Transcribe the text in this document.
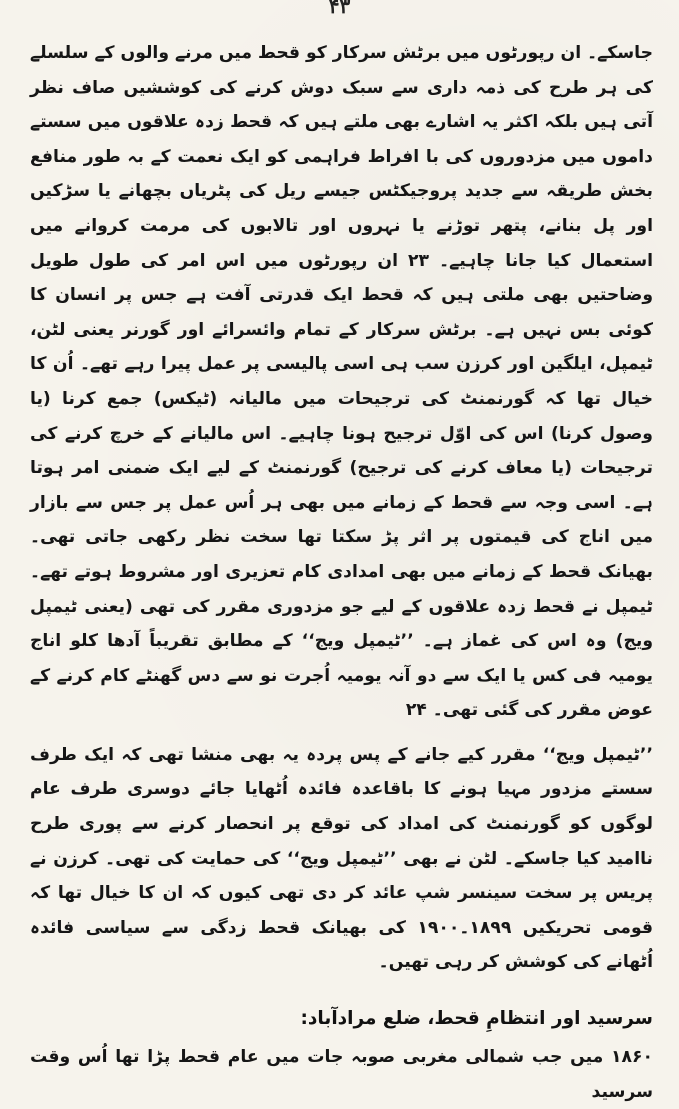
۴۳

جاسکے۔ ان رپورٹوں میں برٹش سرکار کو قحط میں مرنے والوں کے سلسلے کی ہر طرح کی ذمہ داری سے سبک دوش کرنے کی کوششیں صاف نظر آتی ہیں بلکہ اکثر یہ اشارے بھی ملتے ہیں کہ قحط زدہ علاقوں میں سستے داموں میں مزدوروں کی با افراط فراہمی کو ایک نعمت کے بہ طور منافع بخش طریقہ سے جدید پروجیکٹس جیسے ریل کی پٹریاں بچھانے یا سڑکیں اور پل بنانے، پتھر توڑنے یا نہروں اور تالابوں کی مرمت کروانے میں استعمال کیا جانا چاہیے۔ ۲۳ ان رپورٹوں میں اس امر کی طول طویل وضاحتیں بھی ملتی ہیں کہ قحط ایک قدرتی آفت ہے جس پر انسان کا کوئی بس نہیں ہے۔ برٹش سرکار کے تمام وائسرائے اور گورنر یعنی لٹن، ٹیمپل، ایلگین اور کرزن سب ہی اسی پالیسی پر عمل پیرا رہے تھے۔ اُن کا خیال تھا کہ گورنمنٹ کی ترجیحات میں مالیانہ (ٹیکس) جمع کرنا (یا وصول کرنا) اس کی اوّل ترجیح ہونا چاہیے۔ اس مالیانے کے خرچ کرنے کی ترجیحات (یا معاف کرنے کی ترجیح) گورنمنٹ کے لیے ایک ضمنی امر ہوتا ہے۔ اسی وجہ سے قحط کے زمانے میں بھی ہر اُس عمل پر جس سے بازار میں اناج کی قیمتوں پر اثر پڑ سکتا تھا سخت نظر رکھی جاتی تھی۔ بھیانک قحط کے زمانے میں بھی امدادی کام تعزیری اور مشروط ہوتے تھے۔ ٹیمپل نے قحط زدہ علاقوں کے لیے جو مزدوری مقرر کی تھی (یعنی ٹیمپل ویج) وہ اس کی غماز ہے۔ ’’ٹیمپل ویج‘‘ کے مطابق تقریباً آدھا کلو اناج یومیہ فی کس یا ایک سے دو آنہ یومیہ اُجرت نو سے دس گھنٹے کام کرنے کے عوض مقرر کی گئی تھی۔ ۲۴

’’ٹیمپل ویج‘‘ مقرر کیے جانے کے پس پردہ یہ بھی منشا تھی کہ ایک طرف سستے مزدور مہیا ہونے کا باقاعدہ فائدہ اُٹھایا جائے دوسری طرف عام لوگوں کو گورنمنٹ کی امداد کی توقع پر انحصار کرنے سے پوری طرح ناامید کیا جاسکے۔ لٹن نے بھی ’’ٹیمپل ویج‘‘ کی حمایت کی تھی۔ کرزن نے پریس پر سخت سینسر شپ عائد کر دی تھی کیوں کہ ان کا خیال تھا کہ قومی تحریکیں ۱۸۹۹۔۱۹۰۰ کی بھیانک قحط زدگی سے سیاسی فائدہ اُٹھانے کی کوشش کر رہی تھیں۔

سرسید اور انتظامِ قحط، ضلع مرادآباد:

۱۸۶۰ میں جب شمالی مغربی صوبہ جات میں عام قحط پڑا تھا اُس وقت سرسید
